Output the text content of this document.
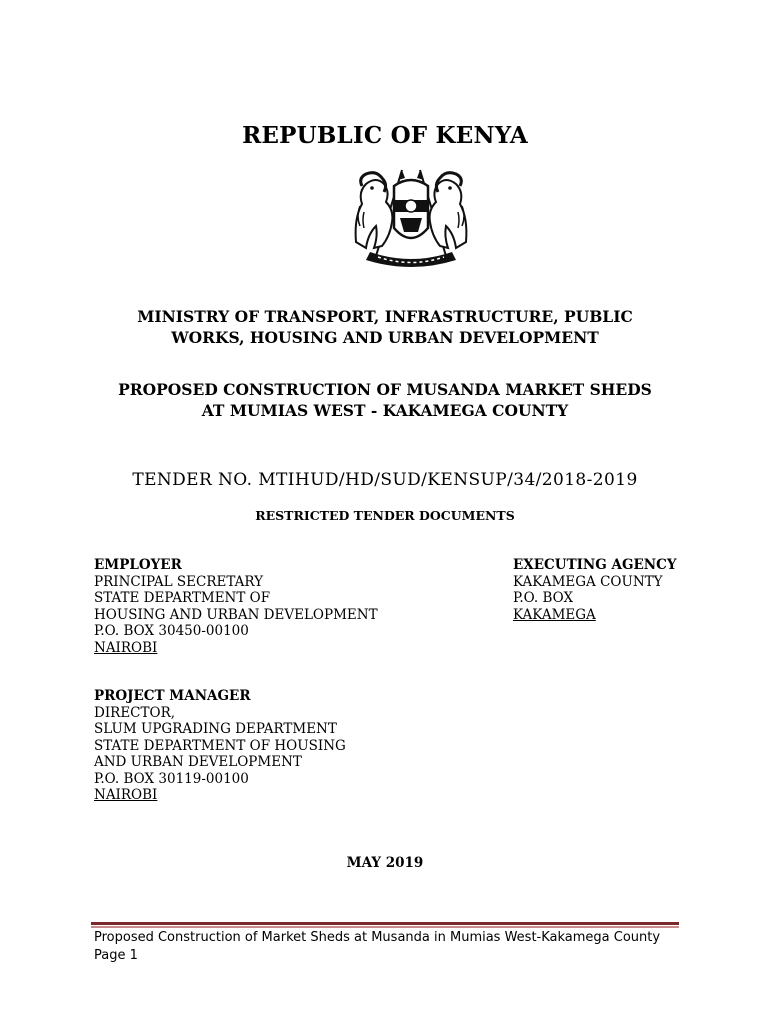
REPUBLIC OF KENYA
MINISTRY OF TRANSPORT, INFRASTRUCTURE, PUBLIC
WORKS, HOUSING AND URBAN DEVELOPMENT
PROPOSED CONSTRUCTION OF MUSANDA MARKET SHEDS
AT MUMIAS WEST - KAKAMEGA COUNTY
TENDER NO. MTIHUD/HD/SUD/KENSUP/34/2018-2019
RESTRICTED TENDER DOCUMENTS
EMPLOYER
PRINCIPAL SECRETARY
STATE DEPARTMENT OF
HOUSING AND URBAN DEVELOPMENT
P.O. BOX 30450-00100
NAIROBI
EXECUTING AGENCY
KAKAMEGA COUNTY
P.O. BOX
KAKAMEGA
PROJECT MANAGER
DIRECTOR,
SLUM UPGRADING DEPARTMENT
STATE DEPARTMENT OF HOUSING
AND URBAN DEVELOPMENT
P.O. BOX 30119-00100
NAIROBI
MAY 2019
Proposed Construction of Market Sheds at Musanda in Mumias West-Kakamega County
Page 1
